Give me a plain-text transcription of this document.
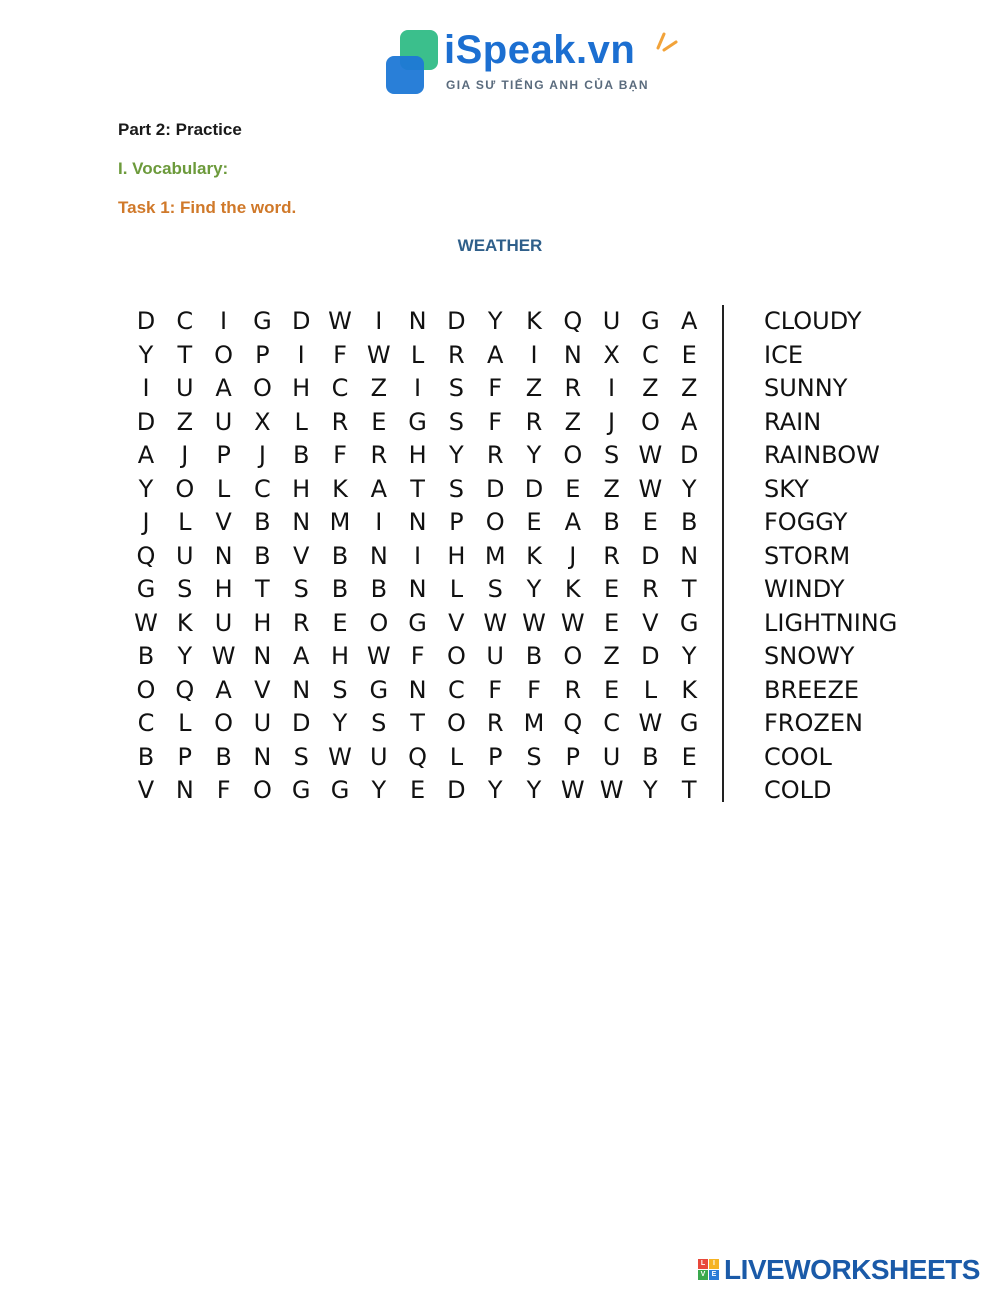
iSpeak.vn
GIA SƯ TIẾNG ANH CỦA BẠN
Part 2: Practice
I. Vocabulary:
Task 1: Find the word.
WEATHER
D C	I	G D W I	N D Y K Q U G A
Y	T O P	I	F W L R A	I	N X C E
I	U A O H C Z	I	S	F Z R	I	Z Z
D Z U X L R E G S	F R Z	J	O A
A	J	P	J	B F R H Y R Y O S W D
Y O L C H K A T S D D E Z W Y
J	L V B N M	I	N P O E A B E B
Q U N B V B N	I	H M K	J	R D N
G S H T S B B N L	S Y K E R T
W K U H R E O G V W W W E V G
B Y W N A H W F O U B O Z D Y
O Q A V N S G N C F	F R E	L	K
C L O U D Y S T O R M Q C W G
B P B N S W U Q L	P S P U B E
V N F O G G Y E D Y	Y W W Y	T
CLOUDY
ICE
SUNNY
RAIN
RAINBOW
SKY
FOGGY
STORM
WINDY
LIGHTNING
SNOWY
BREEZE
FROZEN
COOL
COLD
L	I
V E LIVEWORKSHEETS
